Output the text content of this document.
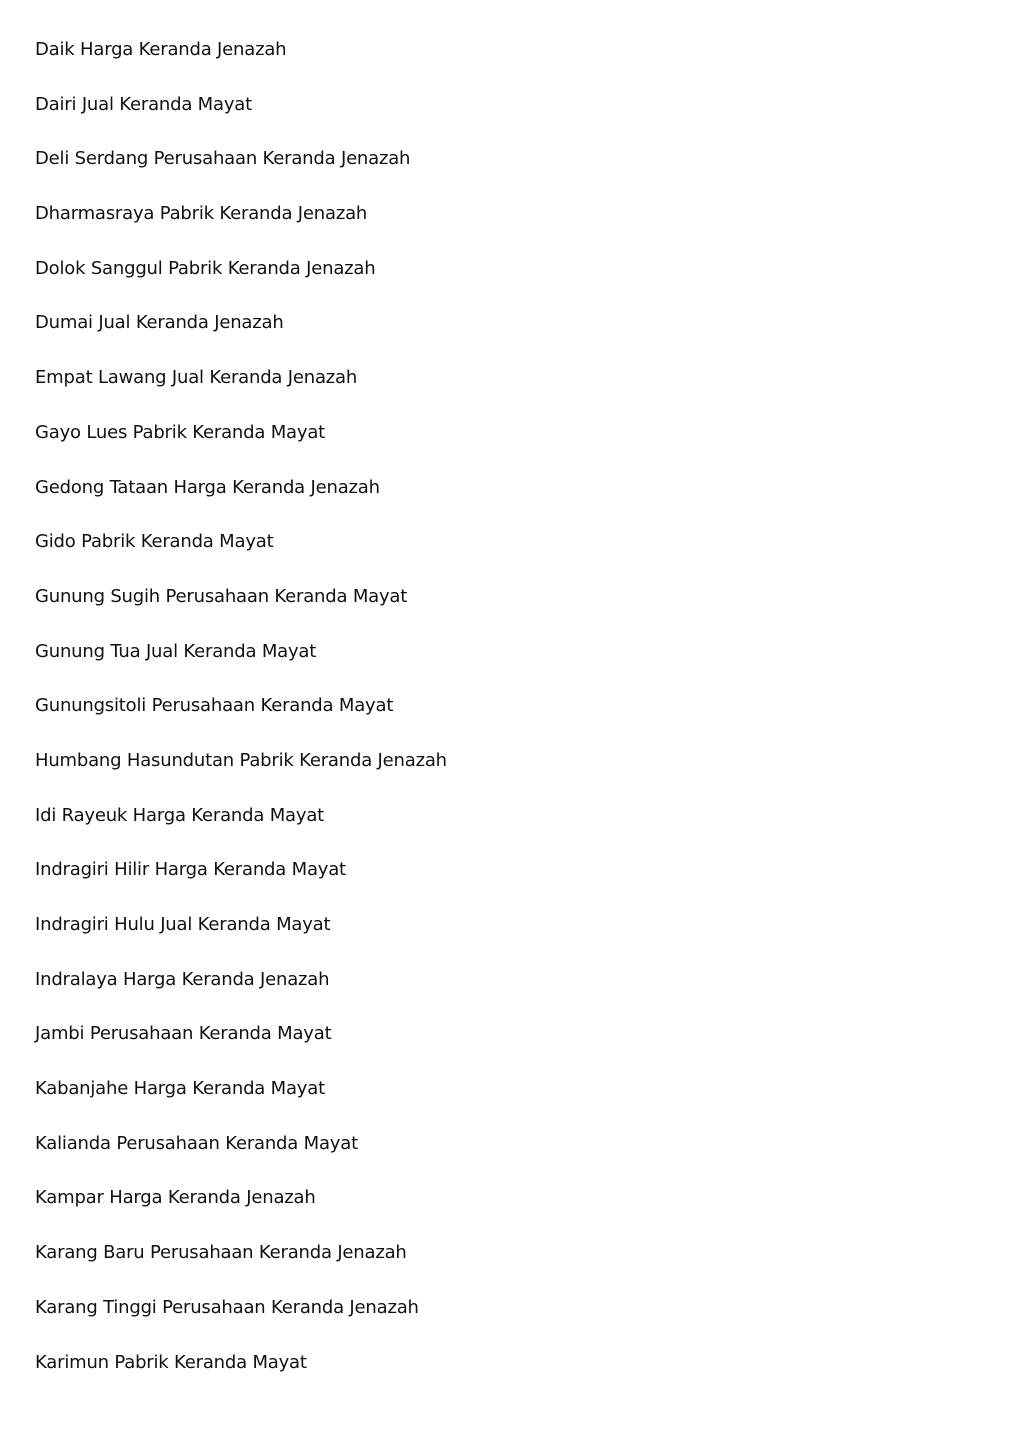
Daik Harga Keranda Jenazah
Dairi Jual Keranda Mayat
Deli Serdang Perusahaan Keranda Jenazah
Dharmasraya Pabrik Keranda Jenazah
Dolok Sanggul Pabrik Keranda Jenazah
Dumai Jual Keranda Jenazah
Empat Lawang Jual Keranda Jenazah
Gayo Lues Pabrik Keranda Mayat
Gedong Tataan Harga Keranda Jenazah
Gido Pabrik Keranda Mayat
Gunung Sugih Perusahaan Keranda Mayat
Gunung Tua Jual Keranda Mayat
Gunungsitoli Perusahaan Keranda Mayat
Humbang Hasundutan Pabrik Keranda Jenazah
Idi Rayeuk Harga Keranda Mayat
Indragiri Hilir Harga Keranda Mayat
Indragiri Hulu Jual Keranda Mayat
Indralaya Harga Keranda Jenazah
Jambi Perusahaan Keranda Mayat
Kabanjahe Harga Keranda Mayat
Kalianda Perusahaan Keranda Mayat
Kampar Harga Keranda Jenazah
Karang Baru Perusahaan Keranda Jenazah
Karang Tinggi Perusahaan Keranda Jenazah
Karimun Pabrik Keranda Mayat
